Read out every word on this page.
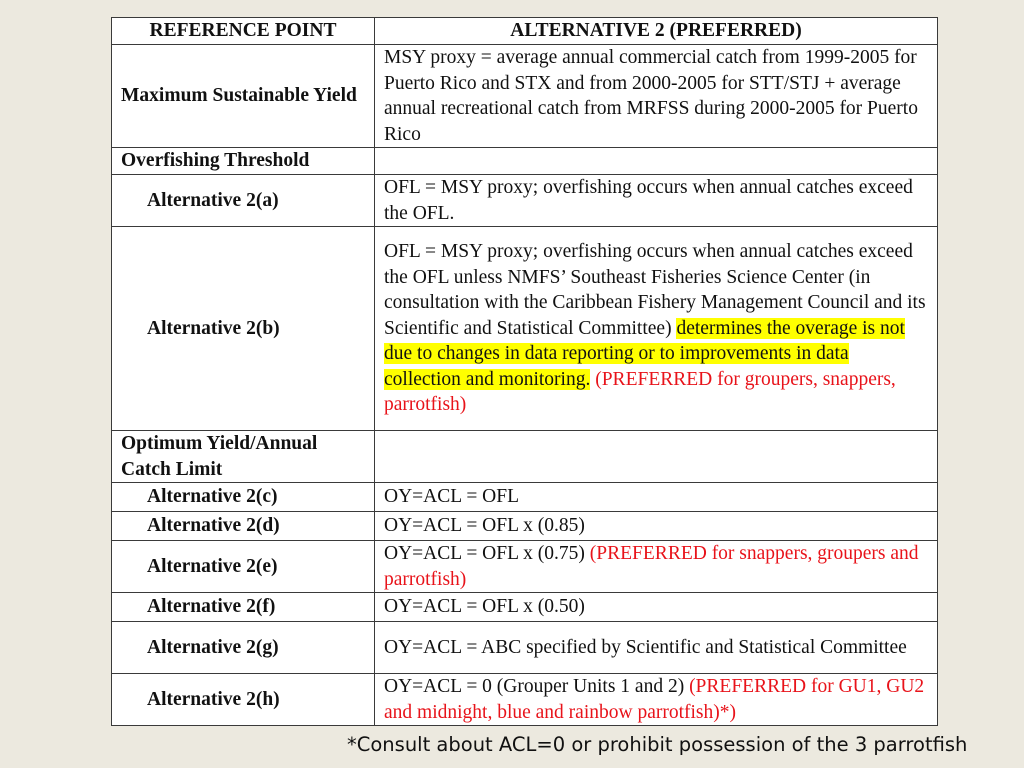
REFERENCE POINT	ALTERNATIVE 2 (PREFERRED)
Maximum Sustainable Yield	MSY proxy = average annual commercial catch from 1999-2005 for Puerto Rico and STX and from 2000-2005 for STT/STJ + average annual recreational catch from MRFSS during 2000-2005 for Puerto Rico
Overfishing Threshold	
Alternative 2(a)	OFL = MSY proxy; overfishing occurs when annual catches exceed the OFL.
Alternative 2(b)	OFL = MSY proxy; overfishing occurs when annual catches exceed the OFL unless NMFS’ Southeast Fisheries Science Center (in consultation with the Caribbean Fishery Management Council and its Scientific and Statistical Committee) determines the overage is not due to changes in data reporting or to improvements in data collection and monitoring. (PREFERRED for groupers, snappers, parrotfish)
Optimum Yield/Annual Catch Limit	
Alternative 2(c)	OY=ACL = OFL
Alternative 2(d)	OY=ACL = OFL x (0.85)
Alternative 2(e)	OY=ACL = OFL x (0.75) (PREFERRED for snappers, groupers and parrotfish)
Alternative 2(f)	OY=ACL = OFL x (0.50)
Alternative 2(g)	OY=ACL = ABC specified by Scientific and Statistical Committee
Alternative 2(h)	OY=ACL = 0 (Grouper Units 1 and 2) (PREFERRED for GU1, GU2 and midnight, blue and rainbow parrotfish)*)
*Consult about ACL=0 or prohibit possession of the 3 parrotfish
